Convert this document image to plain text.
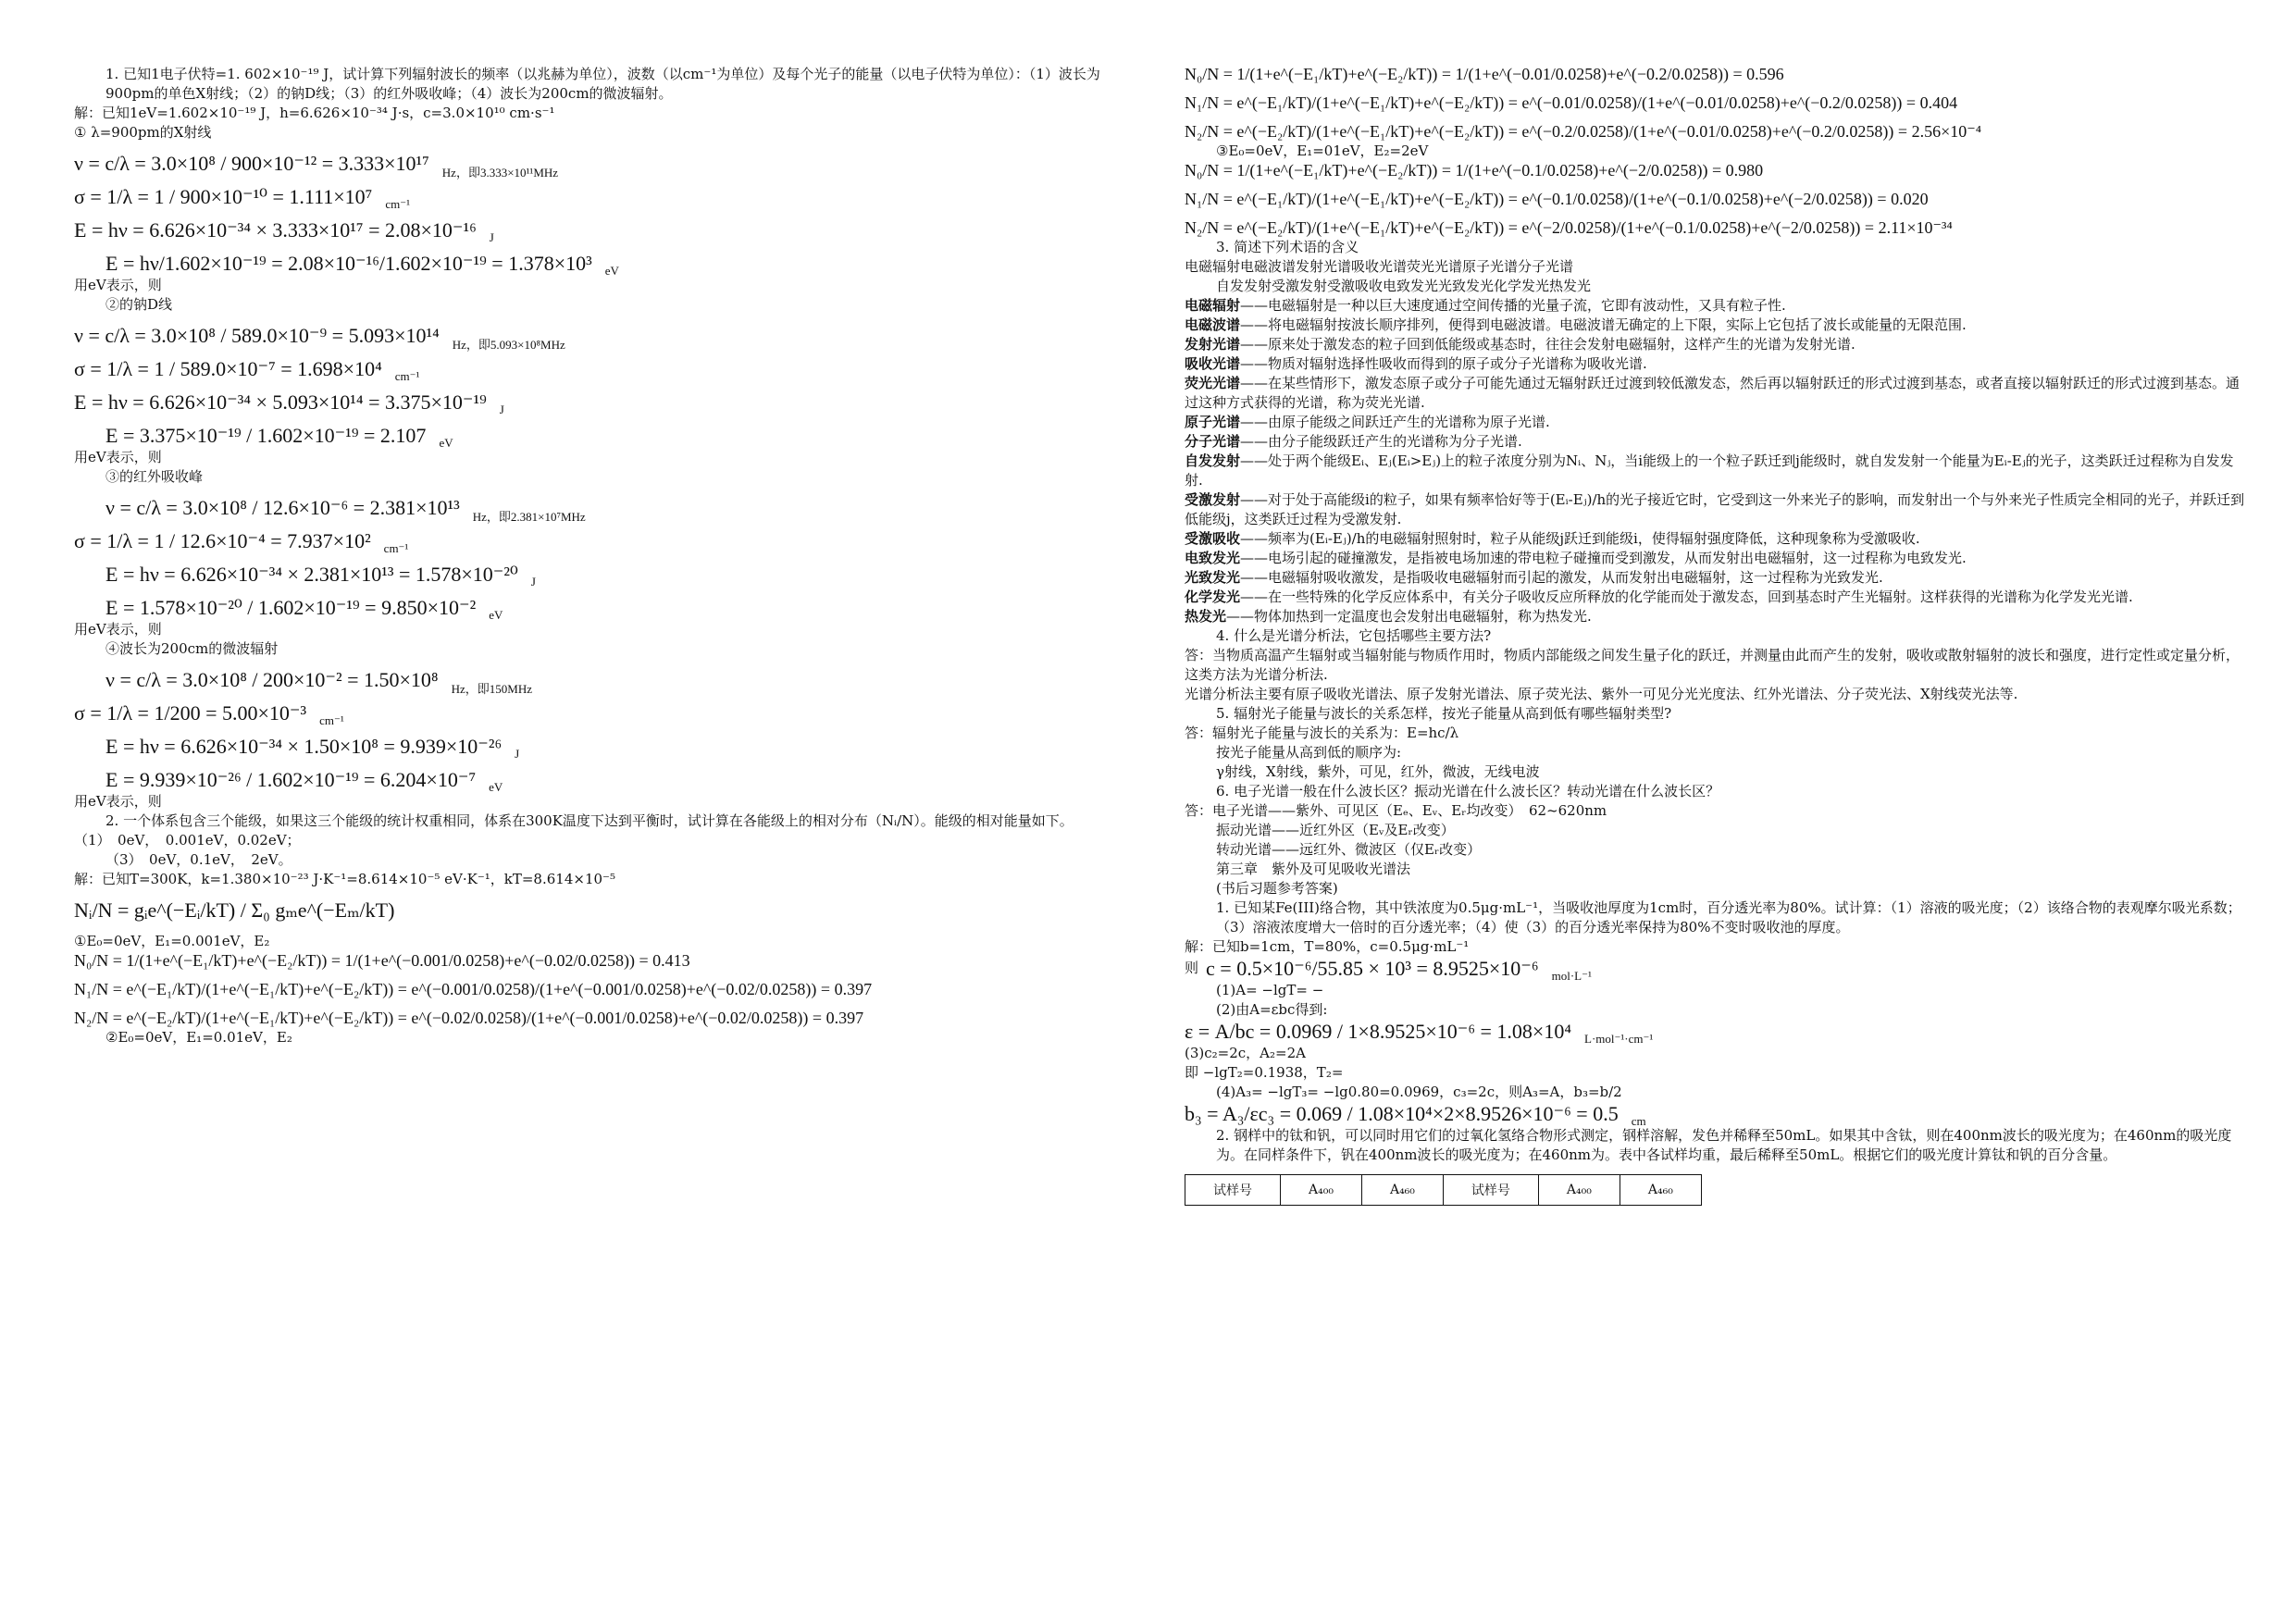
1. 已知1电子伏特=1. 602×10⁻¹⁹ J，试计算下列辐射波长的频率（以兆赫为单位），波数（以cm⁻¹为单位）及每个光子的能量（以电子伏特为单位）：（1）波长为900pm的单色X射线；（2）的钠D线；（3）的红外吸收峰；（4）波长为200cm的微波辐射。
解：已知1eV=1.602×10⁻¹⁹ J，h=6.626×10⁻³⁴ J·s，c=3.0×10¹⁰ cm·s⁻¹
① λ=900pm的X射线
ν = c/λ = 3.0×10⁸ / 900×10⁻¹² = 3.333×10¹⁷ Hz，即3.333×10¹¹MHz
σ = 1/λ = 1 / 900×10⁻¹⁰ = 1.111×10⁷ cm⁻¹
E = hν = 6.626×10⁻³⁴ × 3.333×10¹⁷ = 2.08×10⁻¹⁶ J
E = hν/1.602×10⁻¹⁹ = 2.08×10⁻¹⁶/1.602×10⁻¹⁹ = 1.378×10³ eV
用eV表示，则
②的钠D线
ν = c/λ = 3.0×10⁸ / 589.0×10⁻⁹ = 5.093×10¹⁴ Hz，即5.093×10⁸MHz
σ = 1/λ = 1 / 589.0×10⁻⁷ = 1.698×10⁴ cm⁻¹
E = hν = 6.626×10⁻³⁴ × 5.093×10¹⁴ = 3.375×10⁻¹⁹ J
E = 3.375×10⁻¹⁹ / 1.602×10⁻¹⁹ = 2.107 eV
用eV表示，则
③的红外吸收峰
ν = c/λ = 3.0×10⁸ / 12.6×10⁻⁶ = 2.381×10¹³ Hz，即2.381×10⁷MHz
σ = 1/λ = 1 / 12.6×10⁻⁴ = 7.937×10² cm⁻¹
E = hν = 6.626×10⁻³⁴ × 2.381×10¹³ = 1.578×10⁻²⁰ J
E = 1.578×10⁻²⁰ / 1.602×10⁻¹⁹ = 9.850×10⁻² eV
用eV表示，则
④波长为200cm的微波辐射
ν = c/λ = 3.0×10⁸ / 200×10⁻² = 1.50×10⁸ Hz，即150MHz
σ = 1/λ = 1/200 = 5.00×10⁻³ cm⁻¹
E = hν = 6.626×10⁻³⁴ × 1.50×10⁸ = 9.939×10⁻²⁶ J
E = 9.939×10⁻²⁶ / 1.602×10⁻¹⁹ = 6.204×10⁻⁷ eV
用eV表示，则
2. 一个体系包含三个能级，如果这三个能级的统计权重相同，体系在300K温度下达到平衡时，试计算在各能级上的相对分布（Nᵢ/N）。能级的相对能量如下。
（1）　0eV，　0.001eV，0.02eV；
（3）　0eV，0.1eV，　2eV。
解：已知T=300K，k=1.380×10⁻²³ J·K⁻¹=8.614×10⁻⁵ eV·K⁻¹，kT=8.614×10⁻⁵
Nᵢ/N = gᵢe^(−Eᵢ/kT) / Σ₀ gₘe^(−Eₘ/kT)
①E₀=0eV，E₁=0.001eV，E₂
N₀/N = 1/(1+e^(−E₁/kT)+e^(−E₂/kT)) = 1/(1+e^(−0.001/0.0258)+e^(−0.02/0.0258)) = 0.413
N₁/N = e^(−E₁/kT)/(1+e^(−E₁/kT)+e^(−E₂/kT)) = e^(−0.001/0.0258)/(1+e^(−0.001/0.0258)+e^(−0.02/0.0258)) = 0.397
N₂/N = e^(−E₂/kT)/(1+e^(−E₁/kT)+e^(−E₂/kT)) = e^(−0.02/0.0258)/(1+e^(−0.001/0.0258)+e^(−0.02/0.0258)) = 0.397
②E₀=0eV，E₁=0.01eV，E₂
N₀/N = 1/(1+e^(−E₁/kT)+e^(−E₂/kT)) = 1/(1+e^(−0.01/0.0258)+e^(−0.2/0.0258)) = 0.596
N₁/N = e^(−E₁/kT)/(1+e^(−E₁/kT)+e^(−E₂/kT)) = e^(−0.01/0.0258)/(1+e^(−0.01/0.0258)+e^(−0.2/0.0258)) = 0.404
N₂/N = e^(−E₂/kT)/(1+e^(−E₁/kT)+e^(−E₂/kT)) = e^(−0.2/0.0258)/(1+e^(−0.01/0.0258)+e^(−0.2/0.0258)) = 2.56×10⁻⁴
③E₀=0eV，E₁=01eV，E₂=2eV
N₀/N = 1/(1+e^(−E₁/kT)+e^(−E₂/kT)) = 1/(1+e^(−0.1/0.0258)+e^(−2/0.0258)) = 0.980
N₁/N = e^(−E₁/kT)/(1+e^(−E₁/kT)+e^(−E₂/kT)) = e^(−0.1/0.0258)/(1+e^(−0.1/0.0258)+e^(−2/0.0258)) = 0.020
N₂/N = e^(−E₂/kT)/(1+e^(−E₁/kT)+e^(−E₂/kT)) = e^(−2/0.0258)/(1+e^(−0.1/0.0258)+e^(−2/0.0258)) = 2.11×10⁻³⁴
3. 简述下列术语的含义
电磁辐射电磁波谱发射光谱吸收光谱荧光光谱原子光谱分子光谱
自发发射受激发射受激吸收电致发光光致发光化学发光热发光
电磁辐射——电磁辐射是一种以巨大速度通过空间传播的光量子流，它即有波动性，又具有粒子性.
电磁波谱——将电磁辐射按波长顺序排列，便得到电磁波谱。电磁波谱无确定的上下限，实际上它包括了波长或能量的无限范围.
发射光谱——原来处于激发态的粒子回到低能级或基态时，往往会发射电磁辐射，这样产生的光谱为发射光谱.
吸收光谱——物质对辐射选择性吸收而得到的原子或分子光谱称为吸收光谱.
荧光光谱——在某些情形下，激发态原子或分子可能先通过无辐射跃迁过渡到较低激发态，然后再以辐射跃迁的形式过渡到基态，或者直接以辐射跃迁的形式过渡到基态。通过这种方式获得的光谱，称为荧光光谱.
原子光谱——由原子能级之间跃迁产生的光谱称为原子光谱.
分子光谱——由分子能级跃迁产生的光谱称为分子光谱.
自发发射——处于两个能级Eᵢ、Eⱼ(Eᵢ>Eⱼ)上的粒子浓度分别为Nᵢ、Nⱼ，当i能级上的一个粒子跃迁到j能级时，就自发发射一个能量为Eᵢ-Eⱼ的光子，这类跃迁过程称为自发发射.
受激发射——对于处于高能级i的粒子，如果有频率恰好等于(Eᵢ-Eⱼ)/h的光子接近它时，它受到这一外来光子的影响，而发射出一个与外来光子性质完全相同的光子，并跃迁到低能级j，这类跃迁过程为受激发射.
受激吸收——频率为(Eᵢ-Eⱼ)/h的电磁辐射照射时，粒子从能级j跃迁到能级i，使得辐射强度降低，这种现象称为受激吸收.
电致发光——电场引起的碰撞激发，是指被电场加速的带电粒子碰撞而受到激发，从而发射出电磁辐射，这一过程称为电致发光.
光致发光——电磁辐射吸收激发，是指吸收电磁辐射而引起的激发，从而发射出电磁辐射，这一过程称为光致发光.
化学发光——在一些特殊的化学反应体系中，有关分子吸收反应所释放的化学能而处于激发态，回到基态时产生光辐射。这样获得的光谱称为化学发光光谱.
热发光——物体加热到一定温度也会发射出电磁辐射，称为热发光.
4. 什么是光谱分析法，它包括哪些主要方法?
答：当物质高温产生辐射或当辐射能与物质作用时，物质内部能级之间发生量子化的跃迁，并测量由此而产生的发射，吸收或散射辐射的波长和强度，进行定性或定量分析，这类方法为光谱分析法.
光谱分析法主要有原子吸收光谱法、原子发射光谱法、原子荧光法、紫外一可见分光光度法、红外光谱法、分子荧光法、X射线荧光法等.
5. 辐射光子能量与波长的关系怎样，按光子能量从高到低有哪些辐射类型?
答：辐射光子能量与波长的关系为：E=hc/λ
按光子能量从高到低的顺序为:
γ射线，X射线，紫外，可见，红外，微波，无线电波
6. 电子光谱一般在什么波长区？振动光谱在什么波长区？转动光谱在什么波长区？
答：电子光谱——紫外、可见区（Eₑ、Eᵥ、Eᵣ均改变）　62~620nm
振动光谱——近红外区（Eᵥ及Eᵣ改变）
转动光谱——远红外、微波区（仅Eᵣ改变）
第三章　紫外及可见吸收光谱法
(书后习题参考答案)
1. 已知某Fe(III)络合物，其中铁浓度为0.5μg·mL⁻¹，当吸收池厚度为1cm时，百分透光率为80%。试计算：（1）溶液的吸光度；（2）该络合物的表观摩尔吸光系数；（3）溶液浓度增大一倍时的百分透光率；（4）使（3）的百分透光率保持为80%不变时吸收池的厚度。
解：已知b=1cm，T=80%，c=0.5μg·mL⁻¹
则 c = 0.5×10⁻⁶/55.85 × 10³ = 8.9525×10⁻⁶ mol·L⁻¹
(1)A= −lgT= −
(2)由A=εbc得到:
ε = A/bc = 0.0969 / 1×8.9525×10⁻⁶ = 1.08×10⁴ L·mol⁻¹·cm⁻¹
(3)c₂=2c，A₂=2A
即 −lgT₂=0.1938，T₂=
(4)A₃= −lgT₃= −lg0.80=0.0969，c₃=2c，则A₃=A，b₃=b/2
b₃ = A₃/εc₃ = 0.069 / 1.08×10⁴×2×8.9526×10⁻⁶ = 0.5 cm
2. 钢样中的钛和钒，可以同时用它们的过氧化氢络合物形式测定，钢样溶解，发色并稀释至50mL。如果其中含钛，则在400nm波长的吸光度为；在460nm的吸光度为。在同样条件下，钒在400nm波长的吸光度为；在460nm为。表中各试样均重，最后稀释至50mL。根据它们的吸光度计算钛和钒的百分含量。
试样号	A₄₀₀	A₄₆₀	试样号	A₄₀₀	A₄₆₀
